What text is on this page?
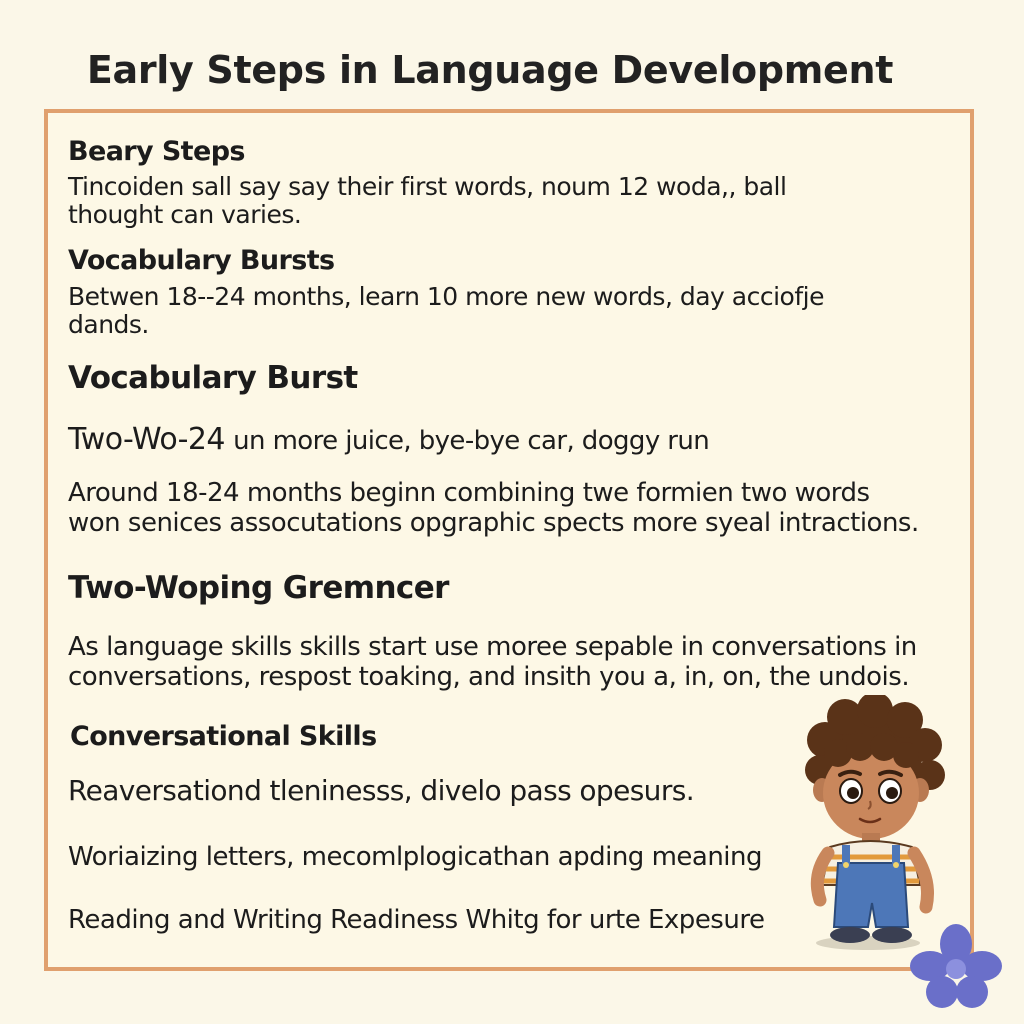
Early Steps in Language Development
Beary Steps
Tincoiden sall say say their first words, noum 12 woda,, ball
thought can varies.
Vocabulary Bursts
Betwen 18--24 months, learn 10 more new words, day acciofje
dands.
Vocabulary Burst
Two-Wo-24 un more juice, bye-bye car, doggy run
Around 18-24 months beginn combining twe formien two words
won senices assocutations opgraphic spects more syeal intractions.
Two-Woping Gremncer
As language skills skills start use moree sepable in conversations in
conversations, respost toaking, and insith you a, in, on, the undois.
Conversational Skills
Reaversationd tleninesss, divelo pass opesurs.
Woriaizing letters, mecomlplogicathan apding meaning
Reading and Writing Readiness Whitg for urte Expesure
